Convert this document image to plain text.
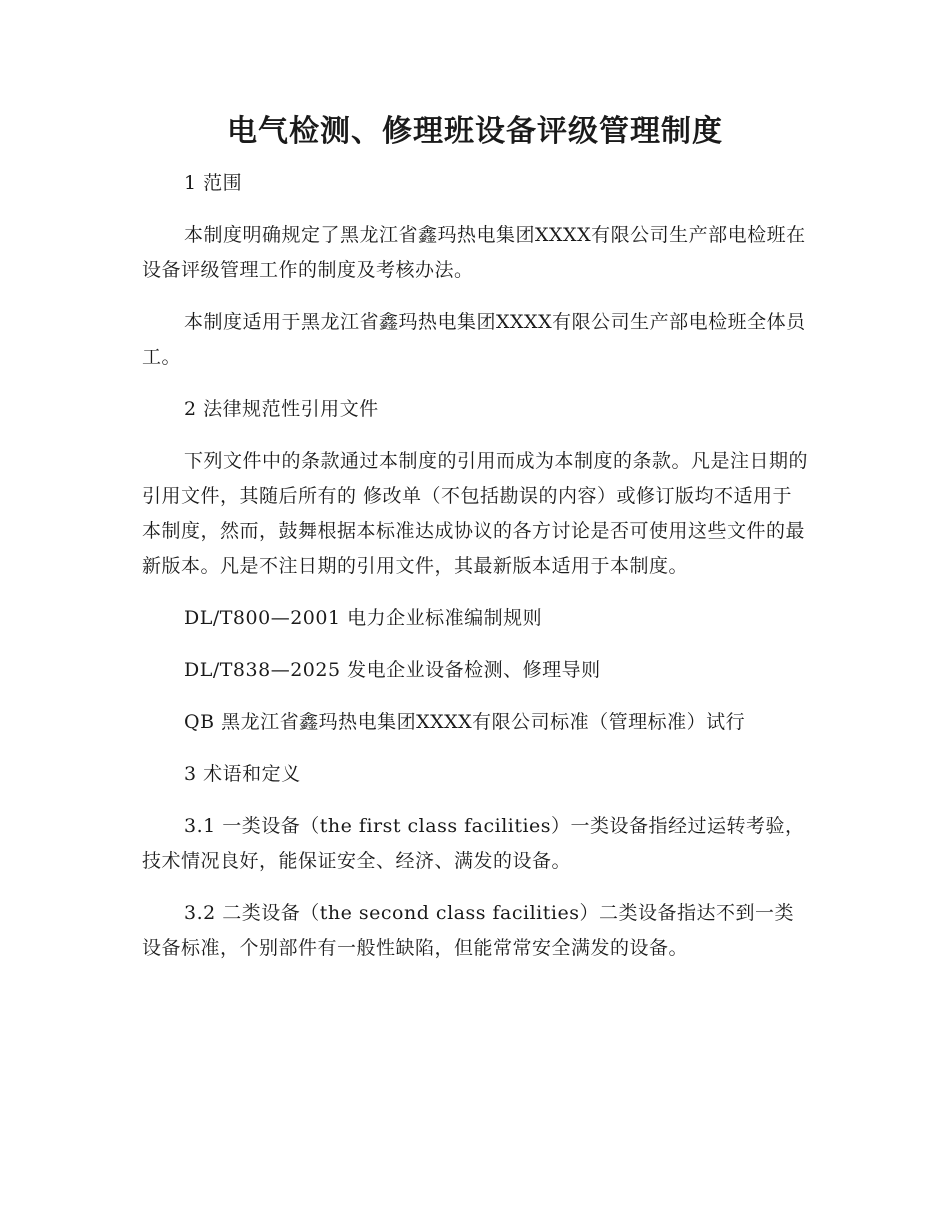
电气检测、修理班设备评级管理制度

1 范围

本制度明确规定了黑龙江省鑫玛热电集团XXXX有限公司生产部电检班在设备评级管理工作的制度及考核办法。

本制度适用于黑龙江省鑫玛热电集团XXXX有限公司生产部电检班全体员工。

2 法律规范性引用文件

下列文件中的条款通过本制度的引用而成为本制度的条款。凡是注日期的引用文件，其随后所有的 修改单（不包括勘误的内容）或修订版均不适用于本制度，然而，鼓舞根据本标准达成协议的各方讨论是否可使用这些文件的最新版本。凡是不注日期的引用文件，其最新版本适用于本制度。

DL/T800—2001 电力企业标准编制规则

DL/T838—2025 发电企业设备检测、修理导则

QB 黑龙江省鑫玛热电集团XXXX有限公司标准（管理标准）试行

3 术语和定义

3.1 一类设备（the first class facilities）一类设备指经过运转考验，技术情况良好，能保证安全、经济、满发的设备。

3.2 二类设备（the second class facilities）二类设备指达不到一类设备标准，个别部件有一般性缺陷，但能常常安全满发的设备。
